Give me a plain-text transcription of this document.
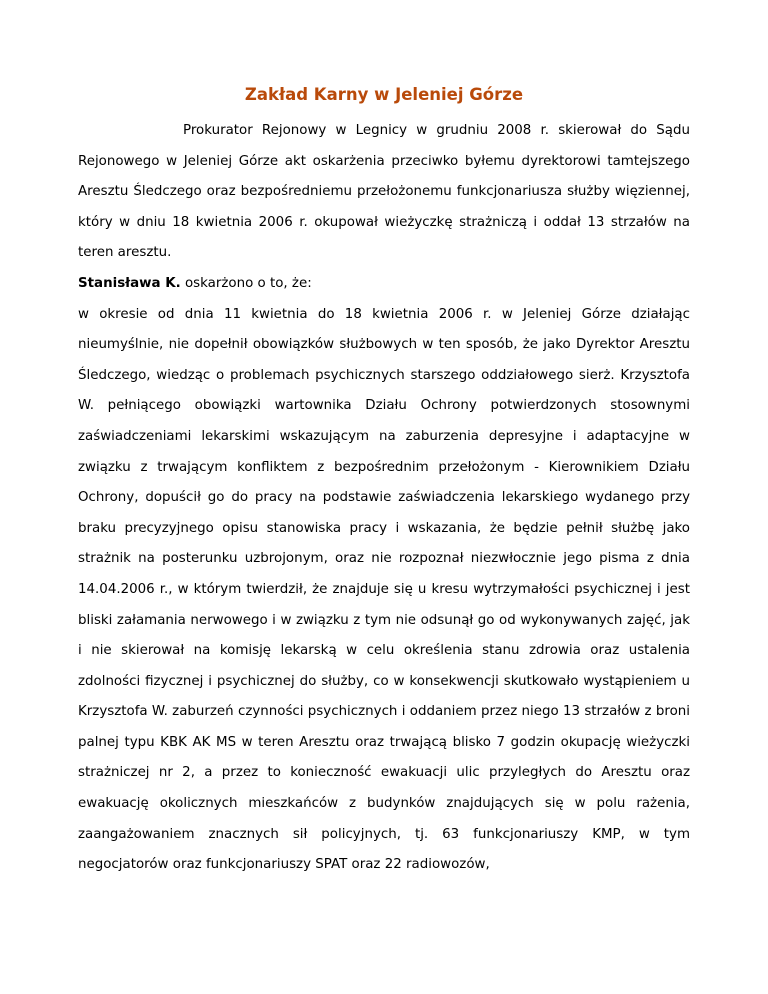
Zakład Karny w Jeleniej Górze

Prokurator Rejonowy w Legnicy w grudniu 2008 r. skierował do Sądu Rejonowego w Jeleniej Górze akt oskarżenia przeciwko byłemu dyrektorowi tamtejszego Aresztu Śledczego oraz bezpośredniemu przełożonemu funkcjonariusza służby więziennej, który w dniu 18 kwietnia 2006 r. okupował wieżyczkę strażniczą i oddał 13 strzałów na teren aresztu.

Stanisława K. oskarżono o to, że:

w okresie od dnia 11 kwietnia do 18 kwietnia 2006 r. w Jeleniej Górze działając nieumyślnie, nie dopełnił obowiązków służbowych w ten sposób, że jako Dyrektor Aresztu Śledczego, wiedząc o problemach psychicznych starszego oddziałowego sierż. Krzysztofa W. pełniącego obowiązki wartownika Działu Ochrony potwierdzonych stosownymi zaświadczeniami lekarskimi wskazującym na zaburzenia depresyjne i adaptacyjne w związku z trwającym konfliktem z bezpośrednim przełożonym - Kierownikiem Działu Ochrony, dopuścił go do pracy na podstawie zaświadczenia lekarskiego wydanego przy braku precyzyjnego opisu stanowiska pracy i wskazania, że będzie pełnił służbę jako strażnik na posterunku uzbrojonym, oraz nie rozpoznał niezwłocznie jego pisma z dnia 14.04.2006 r., w którym twierdził, że znajduje się u kresu wytrzymałości psychicznej i jest bliski załamania nerwowego i w związku z tym nie odsunął go od wykonywanych zajęć, jak i nie skierował na komisję lekarską w celu określenia stanu zdrowia oraz ustalenia zdolności fizycznej i psychicznej do służby, co w konsekwencji skutkowało wystąpieniem u Krzysztofa W. zaburzeń czynności psychicznych i oddaniem przez niego 13 strzałów z broni palnej typu KBK AK MS w teren Aresztu oraz trwającą blisko 7 godzin okupację wieżyczki strażniczej nr 2, a przez to konieczność ewakuacji ulic przyległych do Aresztu oraz ewakuację okolicznych mieszkańców z budynków znajdujących się w polu rażenia, zaangażowaniem znacznych sił policyjnych, tj. 63 funkcjonariuszy KMP, w tym negocjatorów oraz funkcjonariuszy SPAT oraz 22 radiowozów,
